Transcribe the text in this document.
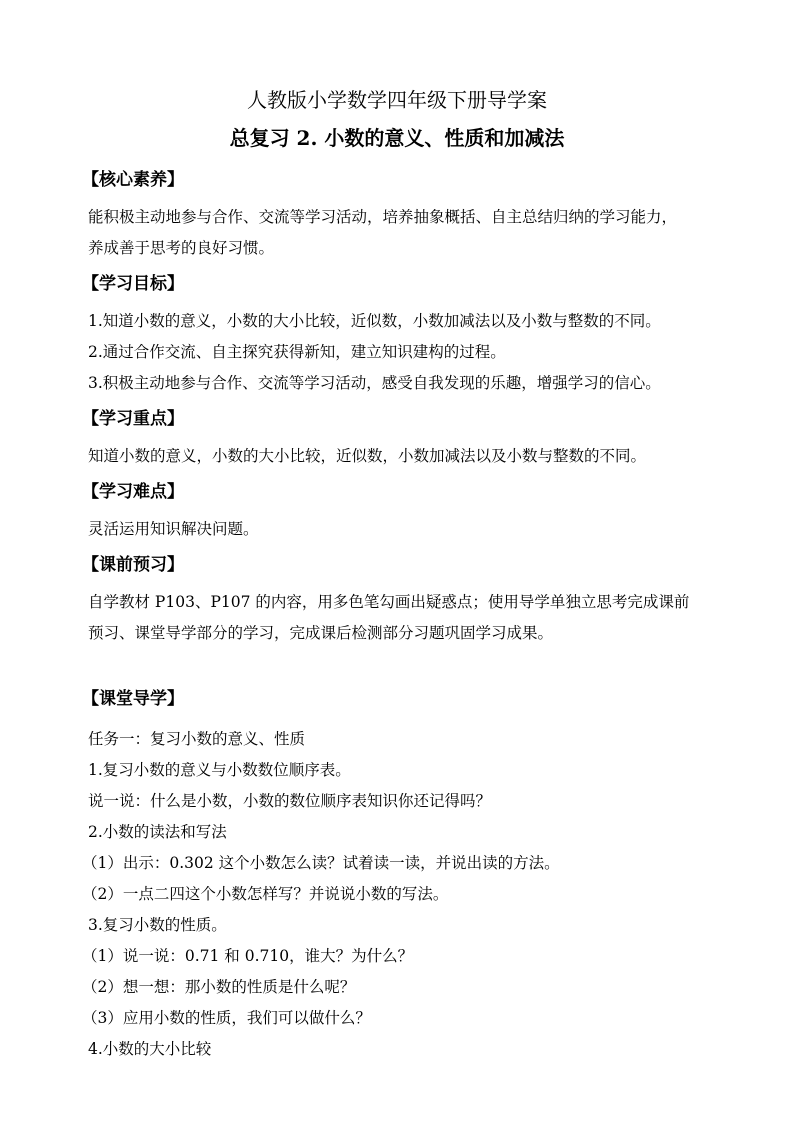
人教版小学数学四年级下册导学案
总复习 2. 小数的意义、性质和加减法
【核心素养】
能积极主动地参与合作、交流等学习活动，培养抽象概括、自主总结归纳的学习能力，
养成善于思考的良好习惯。
【学习目标】
1.知道小数的意义，小数的大小比较，近似数，小数加减法以及小数与整数的不同。
2.通过合作交流、自主探究获得新知，建立知识建构的过程。
3.积极主动地参与合作、交流等学习活动，感受自我发现的乐趣，增强学习的信心。
【学习重点】
知道小数的意义，小数的大小比较，近似数，小数加减法以及小数与整数的不同。
【学习难点】
灵活运用知识解决问题。
【课前预习】
自学教材 P103、P107 的内容，用多色笔勾画出疑惑点；使用导学单独立思考完成课前
预习、课堂导学部分的学习，完成课后检测部分习题巩固学习成果。
【课堂导学】
任务一：复习小数的意义、性质
1.复习小数的意义与小数数位顺序表。
说一说：什么是小数，小数的数位顺序表知识你还记得吗？
2.小数的读法和写法
（1）出示：0.302 这个小数怎么读？试着读一读，并说出读的方法。
（2）一点二四这个小数怎样写？并说说小数的写法。
3.复习小数的性质。
（1）说一说：0.71 和 0.710，谁大？为什么？
（2）想一想：那小数的性质是什么呢？
（3）应用小数的性质，我们可以做什么？
4.小数的大小比较
